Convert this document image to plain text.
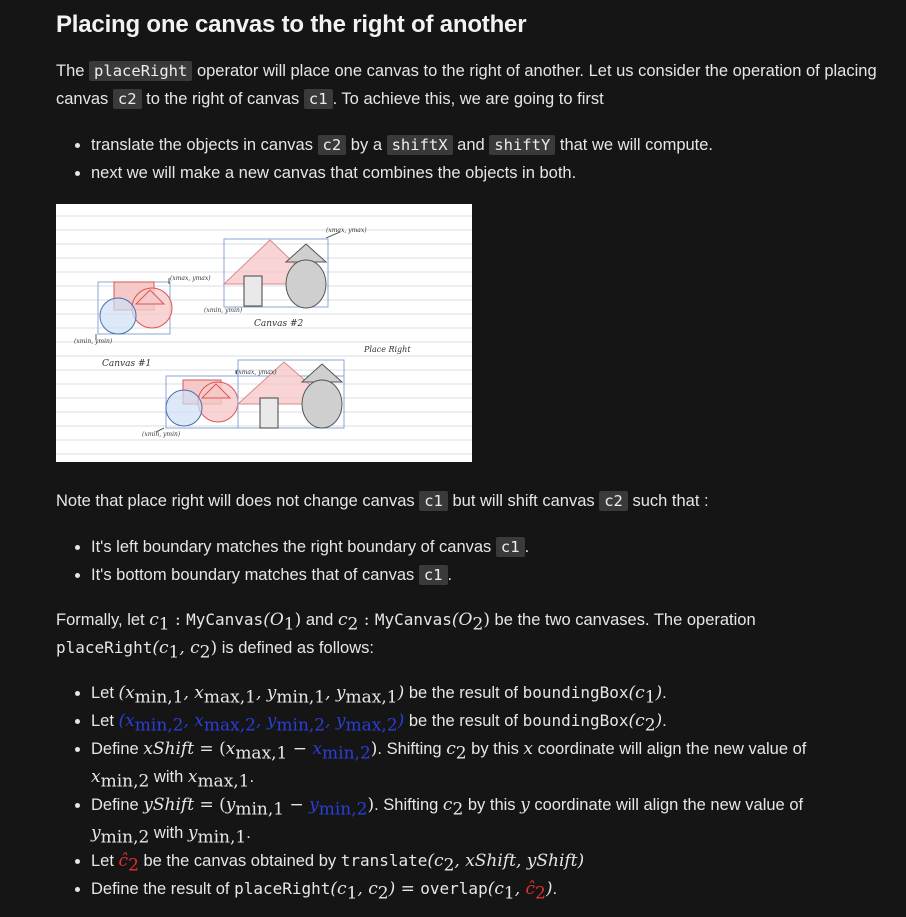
Placing one canvas to the right of another

The placeRight operator will place one canvas to the right of another. Let us consider the operation of placing canvas c2 to the right of canvas c1 . To achieve this, we are going to first

• translate the objects in canvas c2 by a shiftX and shiftY that we will compute.
• next we will make a new canvas that combines the objects in both.
Canvas #2
Canvas #1
Place Right
(xmax, ymax)
(xmin, ymin)
(xmin, ymin)
(xmax, ymax)
(xmax, ymax)
(xmin, ymin)

Note that place right will does not change canvas c1 but will shift canvas c2 such that :

• It's left boundary matches the right boundary of canvas c1 .
• It's bottom boundary matches that of canvas c1 .

Formally, let $c_1$ : $MyCanvas(O_1)$ and $c_2$ : $MyCanvas(O_2)$ be the two canvases. The operation
$placeRight(c_1$, $c_2$) is defined as follows:

• Let ($x_{min,1}$, $x_{max,1}$, $y_{min,1}$, $y_{max,1}$) be the result of $boundingBox(c_1)$.
• Let ($x_{min,2}$, $x_{max,2}$, $y_{min,2}$, $y_{max,2}$) be the result of $boundingBox(c_2)$.
• Define xShift = $(x_{max,1} - x_{min,2})$. Shifting $c_2$ by this x coordinate will align the new value of
$x_{min,2}$ with $x_{max,1}$.
• Define yShift = $(y_{min,1} - y_{min,2})$. Shifting $c_2$ by this y coordinate will align the new value of
$y_{min,2}$ with $y_{min,1}$.
• Let $ĉ_2$ be the canvas obtained by $translate(c_2$, xShift, yShift)
• Define the result of $placeRight(c_1$, $c_2$) = $overlap(c_1$, $ĉ_2$).
